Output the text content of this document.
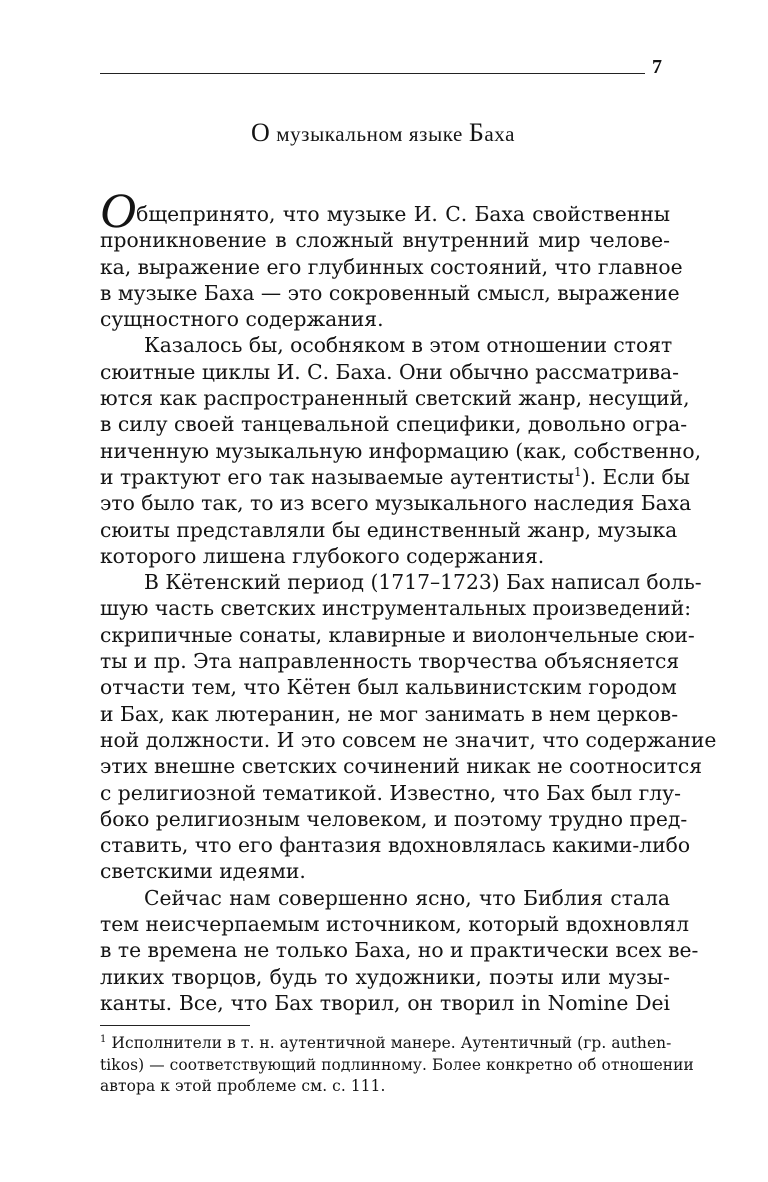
7
О музыкальном языке Баха

Общепринято, что музыке И. С. Баха свойственны
проникновение в сложный внутренний мир челове-
ка, выражение его глубинных состояний, что главное
в музыке Баха — это сокровенный смысл, выражение
сущностного содержания.

Казалось бы, особняком в этом отношении стоят
сюитные циклы И. С. Баха. Они обычно рассматрива-
ются как распространенный светский жанр, несущий,
в силу своей танцевальной специфики, довольно огра-
ниченную музыкальную информацию (как, собственно,
и трактуют его так называемые аутентисты$^1$). Если бы
это было так, то из всего музыкального наследия Баха
сюиты представляли бы единственный жанр, музыка
которого лишена глубокого содержания.

В Кётенский период (1717–1723) Бах написал боль-
шую часть светских инструментальных произведений:
скрипичные сонаты, клавирные и виолончельные сюи-
ты и пр. Эта направленность творчества объясняется
отчасти тем, что Кётен был кальвинистским городом
и Бах, как лютеранин, не мог занимать в нем церков-
ной должности. И это совсем не значит, что содержание
этих внешне светских сочинений никак не соотносится
с религиозной тематикой. Известно, что Бах был глу-
боко религиозным человеком, и поэтому трудно пред-
ставить, что его фантазия вдохновлялась какими-либо
светскими идеями.

Сейчас нам совершенно ясно, что Библия стала
тем неисчерпаемым источником, который вдохновлял
в те времена не только Баха, но и практически всех ве-
ликих творцов, будь то художники, поэты или музы-
канты. Все, что Бах творил, он творил in Nomine Dei

$^1$ Исполнители в т. н. аутентичной манере. Аутентичный (гр. authen-
tikos) — соответствующий подлинному. Более конкретно об отношении
автора к этой проблеме см. с. 111.
